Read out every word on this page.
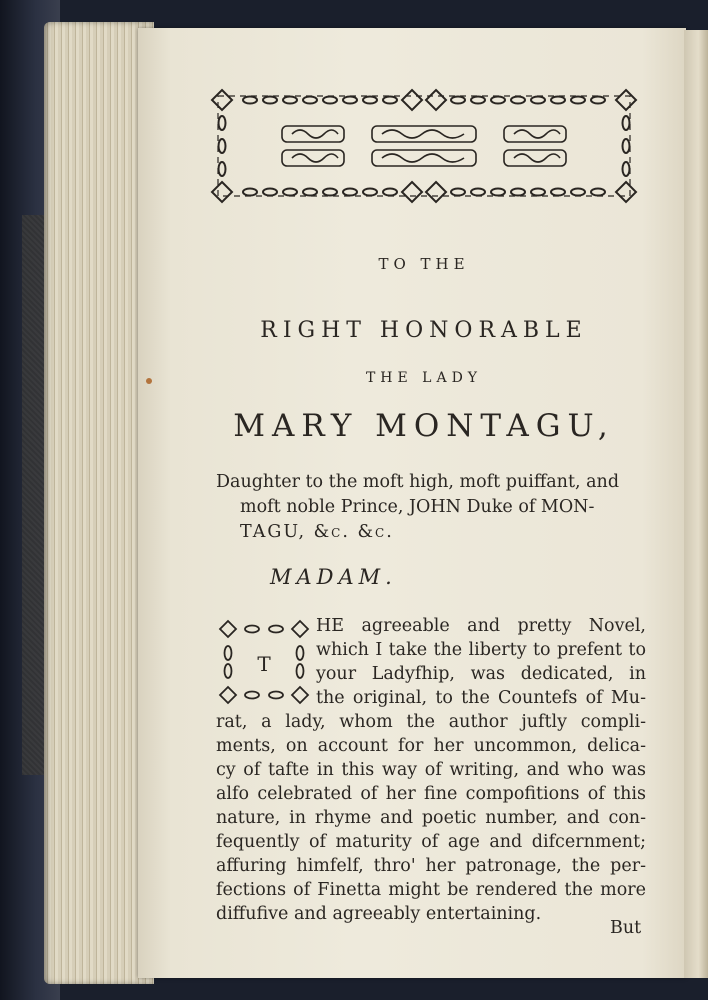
TO THE
RIGHT HONORABLE
THE LADY
MARY MONTAGU,
Daughter to the moft high, moft puiffant, and
moft noble Prince, JOHN Duke of MON-
TAGU, &c. &c.
MADAM.
T
HE agreeable and pretty Novel,
which I take the liberty to prefent to
your Ladyfhip, was dedicated, in
the original, to the Countefs of Mu-
rat, a lady, whom the author juftly compli-
ments, on account for her uncommon, delica-
cy of tafte in this way of writing, and who was
alfo celebrated of her fine compofitions of this
nature, in rhyme and poetic number, and con-
fequently of maturity of age and difcernment;
affuring himfelf, thro' her patronage, the per-
fections of Finetta might be rendered the more
diffufive and agreeably entertaining.
But
